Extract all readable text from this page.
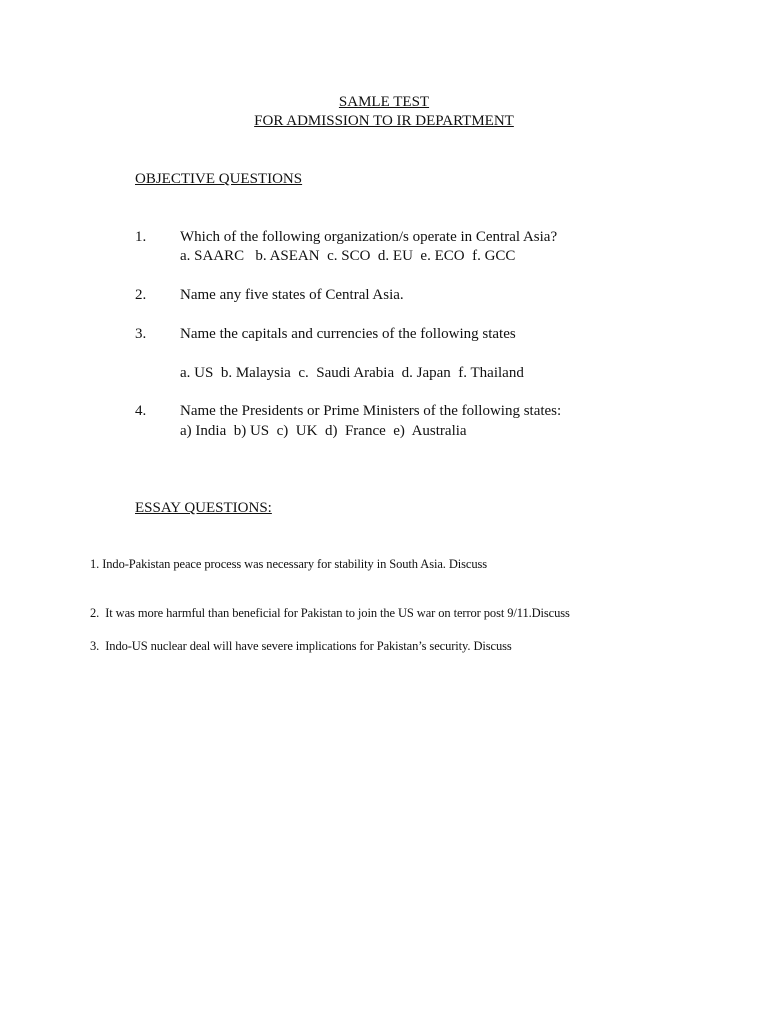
SAMLE TEST
FOR ADMISSION TO IR DEPARTMENT
OBJECTIVE QUESTIONS
1. Which of the following organization/s operate in Central Asia?
a. SAARC   b. ASEAN  c. SCO  d. EU  e. ECO  f. GCC
2. Name any five states of Central Asia.
3. Name the capitals and currencies of the following states
a. US  b. Malaysia  c.  Saudi Arabia  d. Japan  f. Thailand
4. Name the Presidents or Prime Ministers of the following states:
a) India  b) US  c)  UK  d)  France  e)  Australia
ESSAY QUESTIONS:
1. Indo-Pakistan peace process was necessary for stability in South Asia. Discuss
2.  It was more harmful than beneficial for Pakistan to join the US war on terror post 9/11.Discuss
3.  Indo-US nuclear deal will have severe implications for Pakistan’s security. Discuss
